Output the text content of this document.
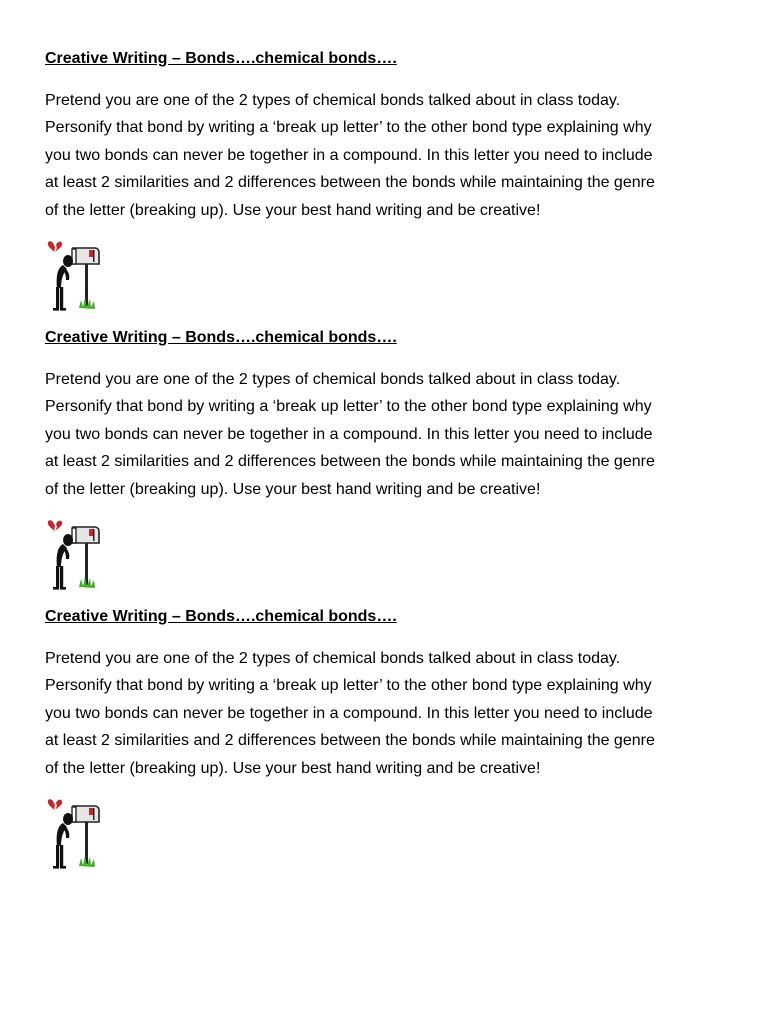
Creative Writing – Bonds….chemical bonds….

Pretend you are one of the 2 types of chemical bonds talked about in class today.
Personify that bond by writing a ‘break up letter’ to the other bond type explaining why
you two bonds can never be together in a compound. In this letter you need to include
at least 2 similarities and 2 differences between the bonds while maintaining the genre
of the letter (breaking up). Use your best hand writing and be creative!

Creative Writing – Bonds….chemical bonds….

Pretend you are one of the 2 types of chemical bonds talked about in class today.
Personify that bond by writing a ‘break up letter’ to the other bond type explaining why
you two bonds can never be together in a compound. In this letter you need to include
at least 2 similarities and 2 differences between the bonds while maintaining the genre
of the letter (breaking up). Use your best hand writing and be creative!

Creative Writing – Bonds….chemical bonds….

Pretend you are one of the 2 types of chemical bonds talked about in class today.
Personify that bond by writing a ‘break up letter’ to the other bond type explaining why
you two bonds can never be together in a compound. In this letter you need to include
at least 2 similarities and 2 differences between the bonds while maintaining the genre
of the letter (breaking up). Use your best hand writing and be creative!
